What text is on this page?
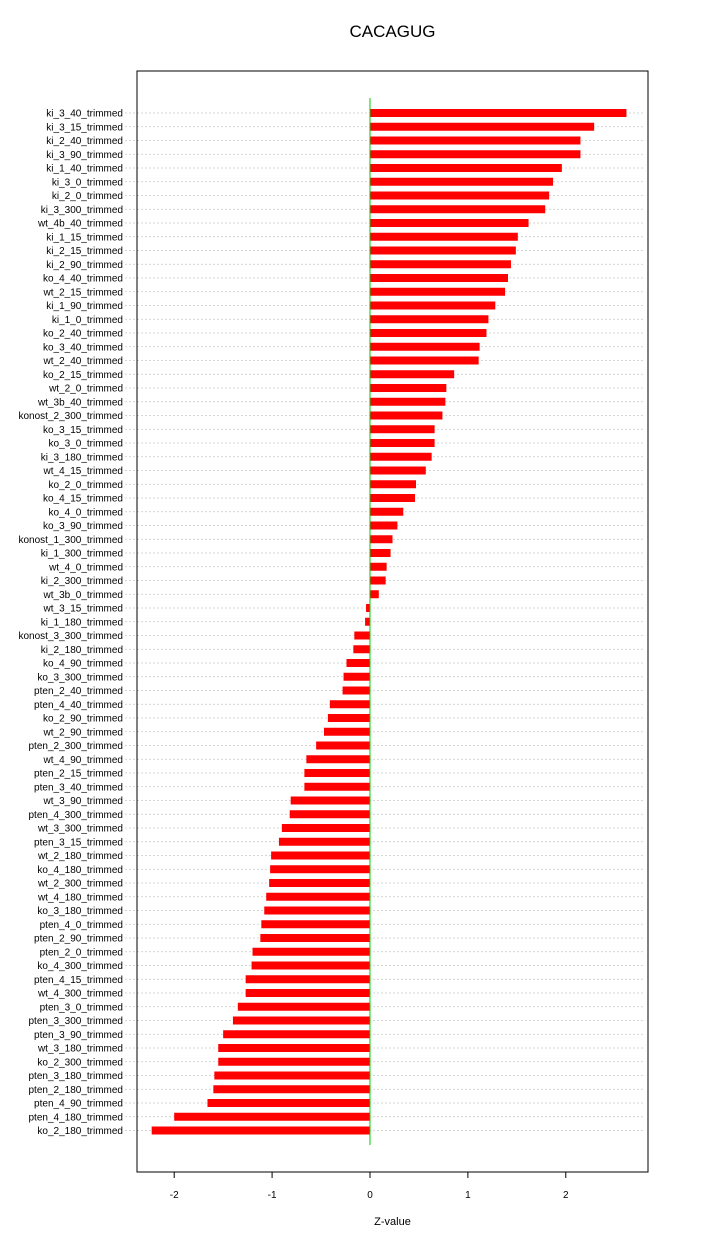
CACAGUG
ki_3_40_trimmed
ki_3_15_trimmed
ki_2_40_trimmed
ki_3_90_trimmed
ki_1_40_trimmed
ki_3_0_trimmed
ki_2_0_trimmed
ki_3_300_trimmed
wt_4b_40_trimmed
ki_1_15_trimmed
ki_2_15_trimmed
ki_2_90_trimmed
ko_4_40_trimmed
wt_2_15_trimmed
ki_1_90_trimmed
ki_1_0_trimmed
ko_2_40_trimmed
ko_3_40_trimmed
wt_2_40_trimmed
ko_2_15_trimmed
wt_2_0_trimmed
wt_3b_40_trimmed
konost_2_300_trimmed
ko_3_15_trimmed
ko_3_0_trimmed
ki_3_180_trimmed
wt_4_15_trimmed
ko_2_0_trimmed
ko_4_15_trimmed
ko_4_0_trimmed
ko_3_90_trimmed
konost_1_300_trimmed
ki_1_300_trimmed
wt_4_0_trimmed
ki_2_300_trimmed
wt_3b_0_trimmed
wt_3_15_trimmed
ki_1_180_trimmed
konost_3_300_trimmed
ki_2_180_trimmed
ko_4_90_trimmed
ko_3_300_trimmed
pten_2_40_trimmed
pten_4_40_trimmed
ko_2_90_trimmed
wt_2_90_trimmed
pten_2_300_trimmed
wt_4_90_trimmed
pten_2_15_trimmed
pten_3_40_trimmed
wt_3_90_trimmed
pten_4_300_trimmed
wt_3_300_trimmed
pten_3_15_trimmed
wt_2_180_trimmed
ko_4_180_trimmed
wt_2_300_trimmed
wt_4_180_trimmed
ko_3_180_trimmed
pten_4_0_trimmed
pten_2_90_trimmed
pten_2_0_trimmed
ko_4_300_trimmed
pten_4_15_trimmed
wt_4_300_trimmed
pten_3_0_trimmed
pten_3_300_trimmed
pten_3_90_trimmed
wt_3_180_trimmed
ko_2_300_trimmed
pten_3_180_trimmed
pten_2_180_trimmed
pten_4_90_trimmed
pten_4_180_trimmed
ko_2_180_trimmed
-2	-1	0	1	2
Z-value
